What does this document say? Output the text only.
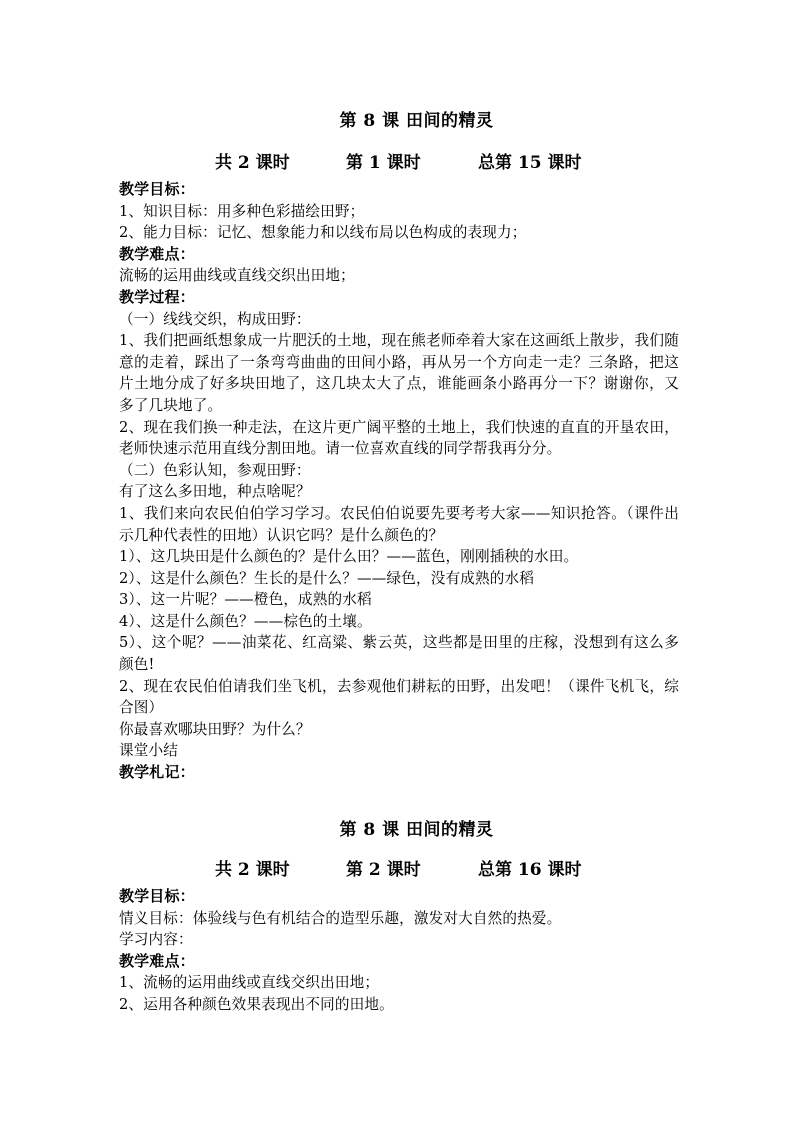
第 8 课 田间的精灵
共 2 课时	第 1 课时	总第 15 课时
教学目标：
1、知识目标：用多种色彩描绘田野；
2、能力目标：记忆、想象能力和以线布局以色构成的表现力；
教学难点：
流畅的运用曲线或直线交织出田地；
教学过程：
（一）线线交织，构成田野：
1、我们把画纸想象成一片肥沃的土地，现在熊老师牵着大家在这画纸上散步，我们随意的走着，踩出了一条弯弯曲曲的田间小路，再从另一个方向走一走？三条路，把这片土地分成了好多块田地了，这几块太大了点，谁能画条小路再分一下？谢谢你，又多了几块地了。
2、现在我们换一种走法，在这片更广阔平整的土地上，我们快速的直直的开垦农田，老师快速示范用直线分割田地。请一位喜欢直线的同学帮我再分分。
（二）色彩认知，参观田野：
有了这么多田地，种点啥呢？
1、我们来向农民伯伯学习学习。农民伯伯说要先要考考大家——知识抢答。（课件出示几种代表性的田地）认识它吗？是什么颜色的？
1）、这几块田是什么颜色的？是什么田？——蓝色，刚刚插秧的水田。
2）、这是什么颜色？生长的是什么？——绿色，没有成熟的水稻
3）、这一片呢？——橙色，成熟的水稻
4）、这是什么颜色？——棕色的土壤。
5）、这个呢？——油菜花、红高粱、紫云英，这些都是田里的庄稼，没想到有这么多颜色!
2、现在农民伯伯请我们坐飞机，去参观他们耕耘的田野，出发吧！（课件飞机飞，综合图）
你最喜欢哪块田野？为什么？
课堂小结
教学札记：
第 8 课 田间的精灵
共 2 课时	第 2 课时	总第 16 课时
教学目标：
情义目标：体验线与色有机结合的造型乐趣，激发对大自然的热爱。
学习内容：
教学难点：
1、流畅的运用曲线或直线交织出田地；
2、运用各种颜色效果表现出不同的田地。
